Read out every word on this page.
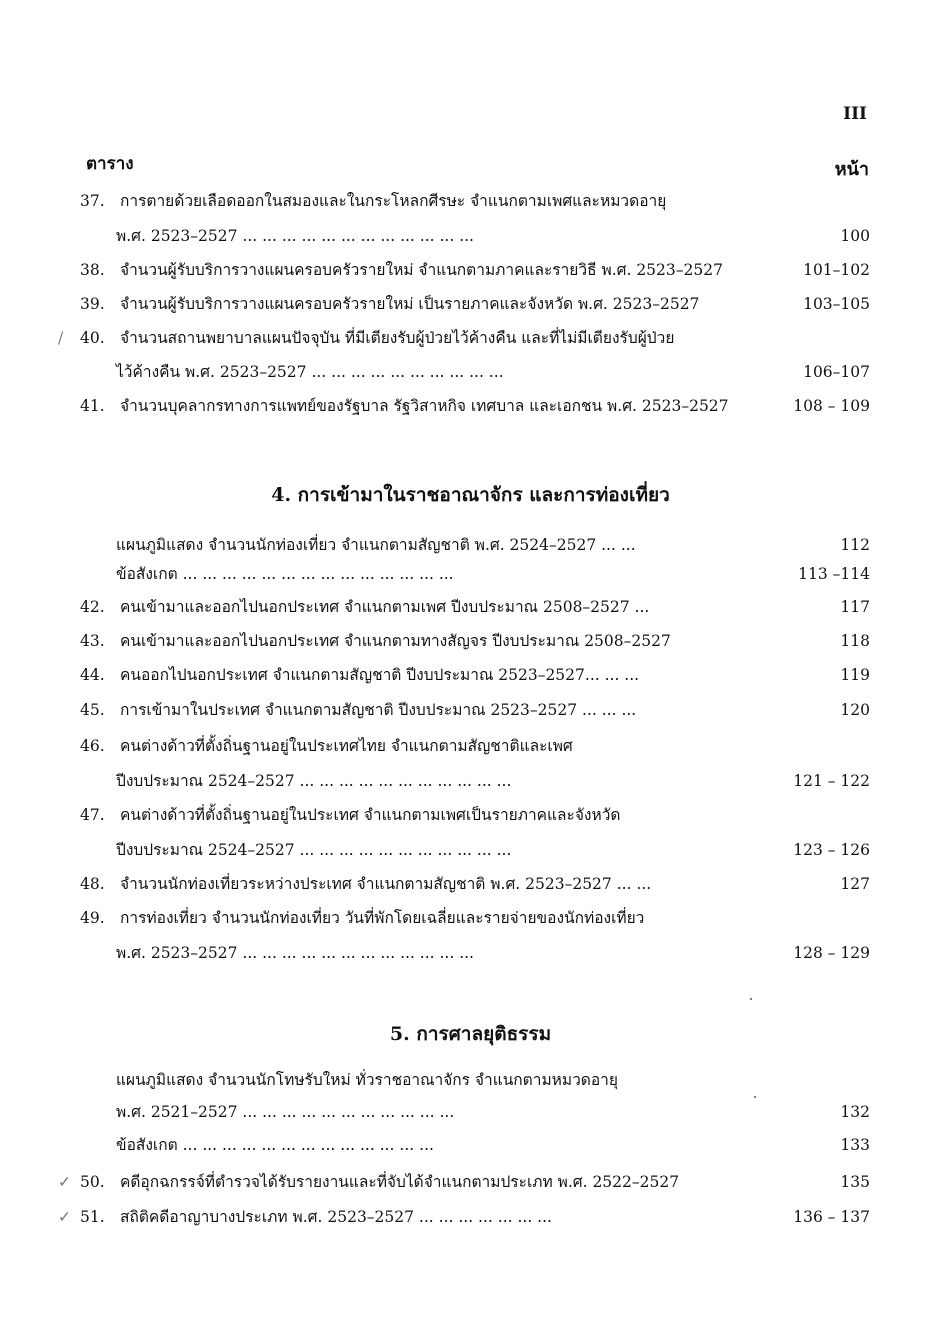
III
ตาราง	หน้า
4. การเข้ามาในราชอาณาจักร และการท่องเที่ยว
5. การศาลยุติธรรม
37. การตายด้วยเลือดออกในสมองและในกระโหลกศีรษะ จำแนกตามเพศและหมวดอายุ
พ.ศ. 2523–2527 ... ... ... ... ... ... ... ... ... ... ... ...	100
38. จำนวนผู้รับบริการวางแผนครอบครัวรายใหม่ จำแนกตามภาคและรายวิธี พ.ศ. 2523–2527	101–102
39. จำนวนผู้รับบริการวางแผนครอบครัวรายใหม่ เป็นรายภาคและจังหวัด พ.ศ. 2523–2527	103–105
/	40. จำนวนสถานพยาบาลแผนปัจจุบัน ที่มีเตียงรับผู้ป่วยไว้ค้างคืน และที่ไม่มีเตียงรับผู้ป่วย
ไว้ค้างคืน พ.ศ. 2523–2527 ... ... ... ... ... ... ... ... ... ...	106–107
41. จำนวนบุคลากรทางการแพทย์ของรัฐบาล รัฐวิสาหกิจ เทศบาล และเอกชน พ.ศ. 2523–2527	108 – 109
แผนภูมิแสดง จำนวนนักท่องเที่ยว จำแนกตามสัญชาติ พ.ศ. 2524–2527 ... ...	112
ข้อสังเกต ... ... ... ... ... ... ... ... ... ... ... ... ... ...	113 –114
42. คนเข้ามาและออกไปนอกประเทศ จำแนกตามเพศ ปีงบประมาณ 2508–2527 ...	117
43. คนเข้ามาและออกไปนอกประเทศ จำแนกตามทางสัญจร ปีงบประมาณ 2508–2527	118
44. คนออกไปนอกประเทศ จำแนกตามสัญชาติ ปีงบประมาณ 2523–2527... ... ...	119
45. การเข้ามาในประเทศ จำแนกตามสัญชาติ ปีงบประมาณ 2523–2527 ... ... ...	120
46. คนต่างด้าวที่ตั้งถิ่นฐานอยู่ในประเทศไทย จำแนกตามสัญชาติและเพศ
ปีงบประมาณ 2524–2527 ... ... ... ... ... ... ... ... ... ... ...	121 – 122
47. คนต่างด้าวที่ตั้งถิ่นฐานอยู่ในประเทศ จำแนกตามเพศเป็นรายภาคและจังหวัด
ปีงบประมาณ 2524–2527 ... ... ... ... ... ... ... ... ... ... ...	123 – 126
48. จำนวนนักท่องเที่ยวระหว่างประเทศ จำแนกตามสัญชาติ พ.ศ. 2523–2527 ... ...	127
49. การท่องเที่ยว จำนวนนักท่องเที่ยว วันที่พักโดยเฉลี่ยและรายจ่ายของนักท่องเที่ยว
พ.ศ. 2523–2527 ... ... ... ... ... ... ... ... ... ... ... ...	128 – 129
แผนภูมิแสดง จำนวนนักโทษรับใหม่ ทั่วราชอาณาจักร จำแนกตามหมวดอายุ
พ.ศ. 2521–2527 ... ... ... ... ... ... ... ... ... ... ...	132
ข้อสังเกต ... ... ... ... ... ... ... ... ... ... ... ... ...	133
✓ 50. คดีอุกฉกรรจ์ที่ตำรวจได้รับรายงานและที่จับได้จำแนกตามประเภท พ.ศ. 2522–2527	135
✓ 51. สถิติคดีอาญาบางประเภท พ.ศ. 2523–2527 ... ... ... ... ... ... ...	136 – 137
